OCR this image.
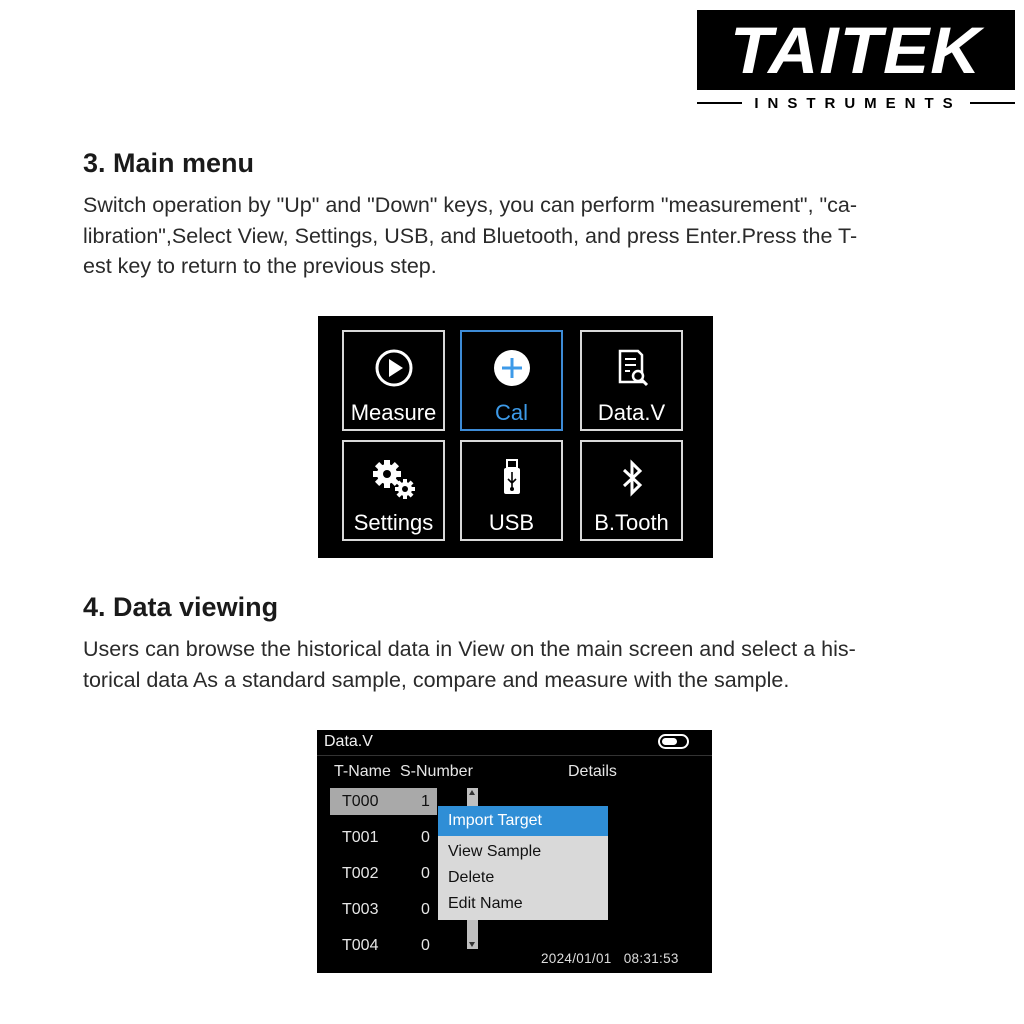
TAITEK
INSTRUMENTS
3. Main menu
Switch operation by "Up" and "Down" keys, you can perform "measurement", "ca-
libration",Select View, Settings, USB, and Bluetooth, and press Enter.Press the T-
est key to return to the previous step.
Measure	Cal	Data.V
Settings	USB	B.Tooth
4. Data viewing
Users can browse the historical data in View on the main screen and select a his-
torical data As a standard sample, compare and measure with the sample.
Data.V
T-Name S-Number	Details
T000	1
T001	0
T002	0
T003	0
T004	0
Import Target
View Sample
Delete
Edit Name
2024/01/01 08:31:53
